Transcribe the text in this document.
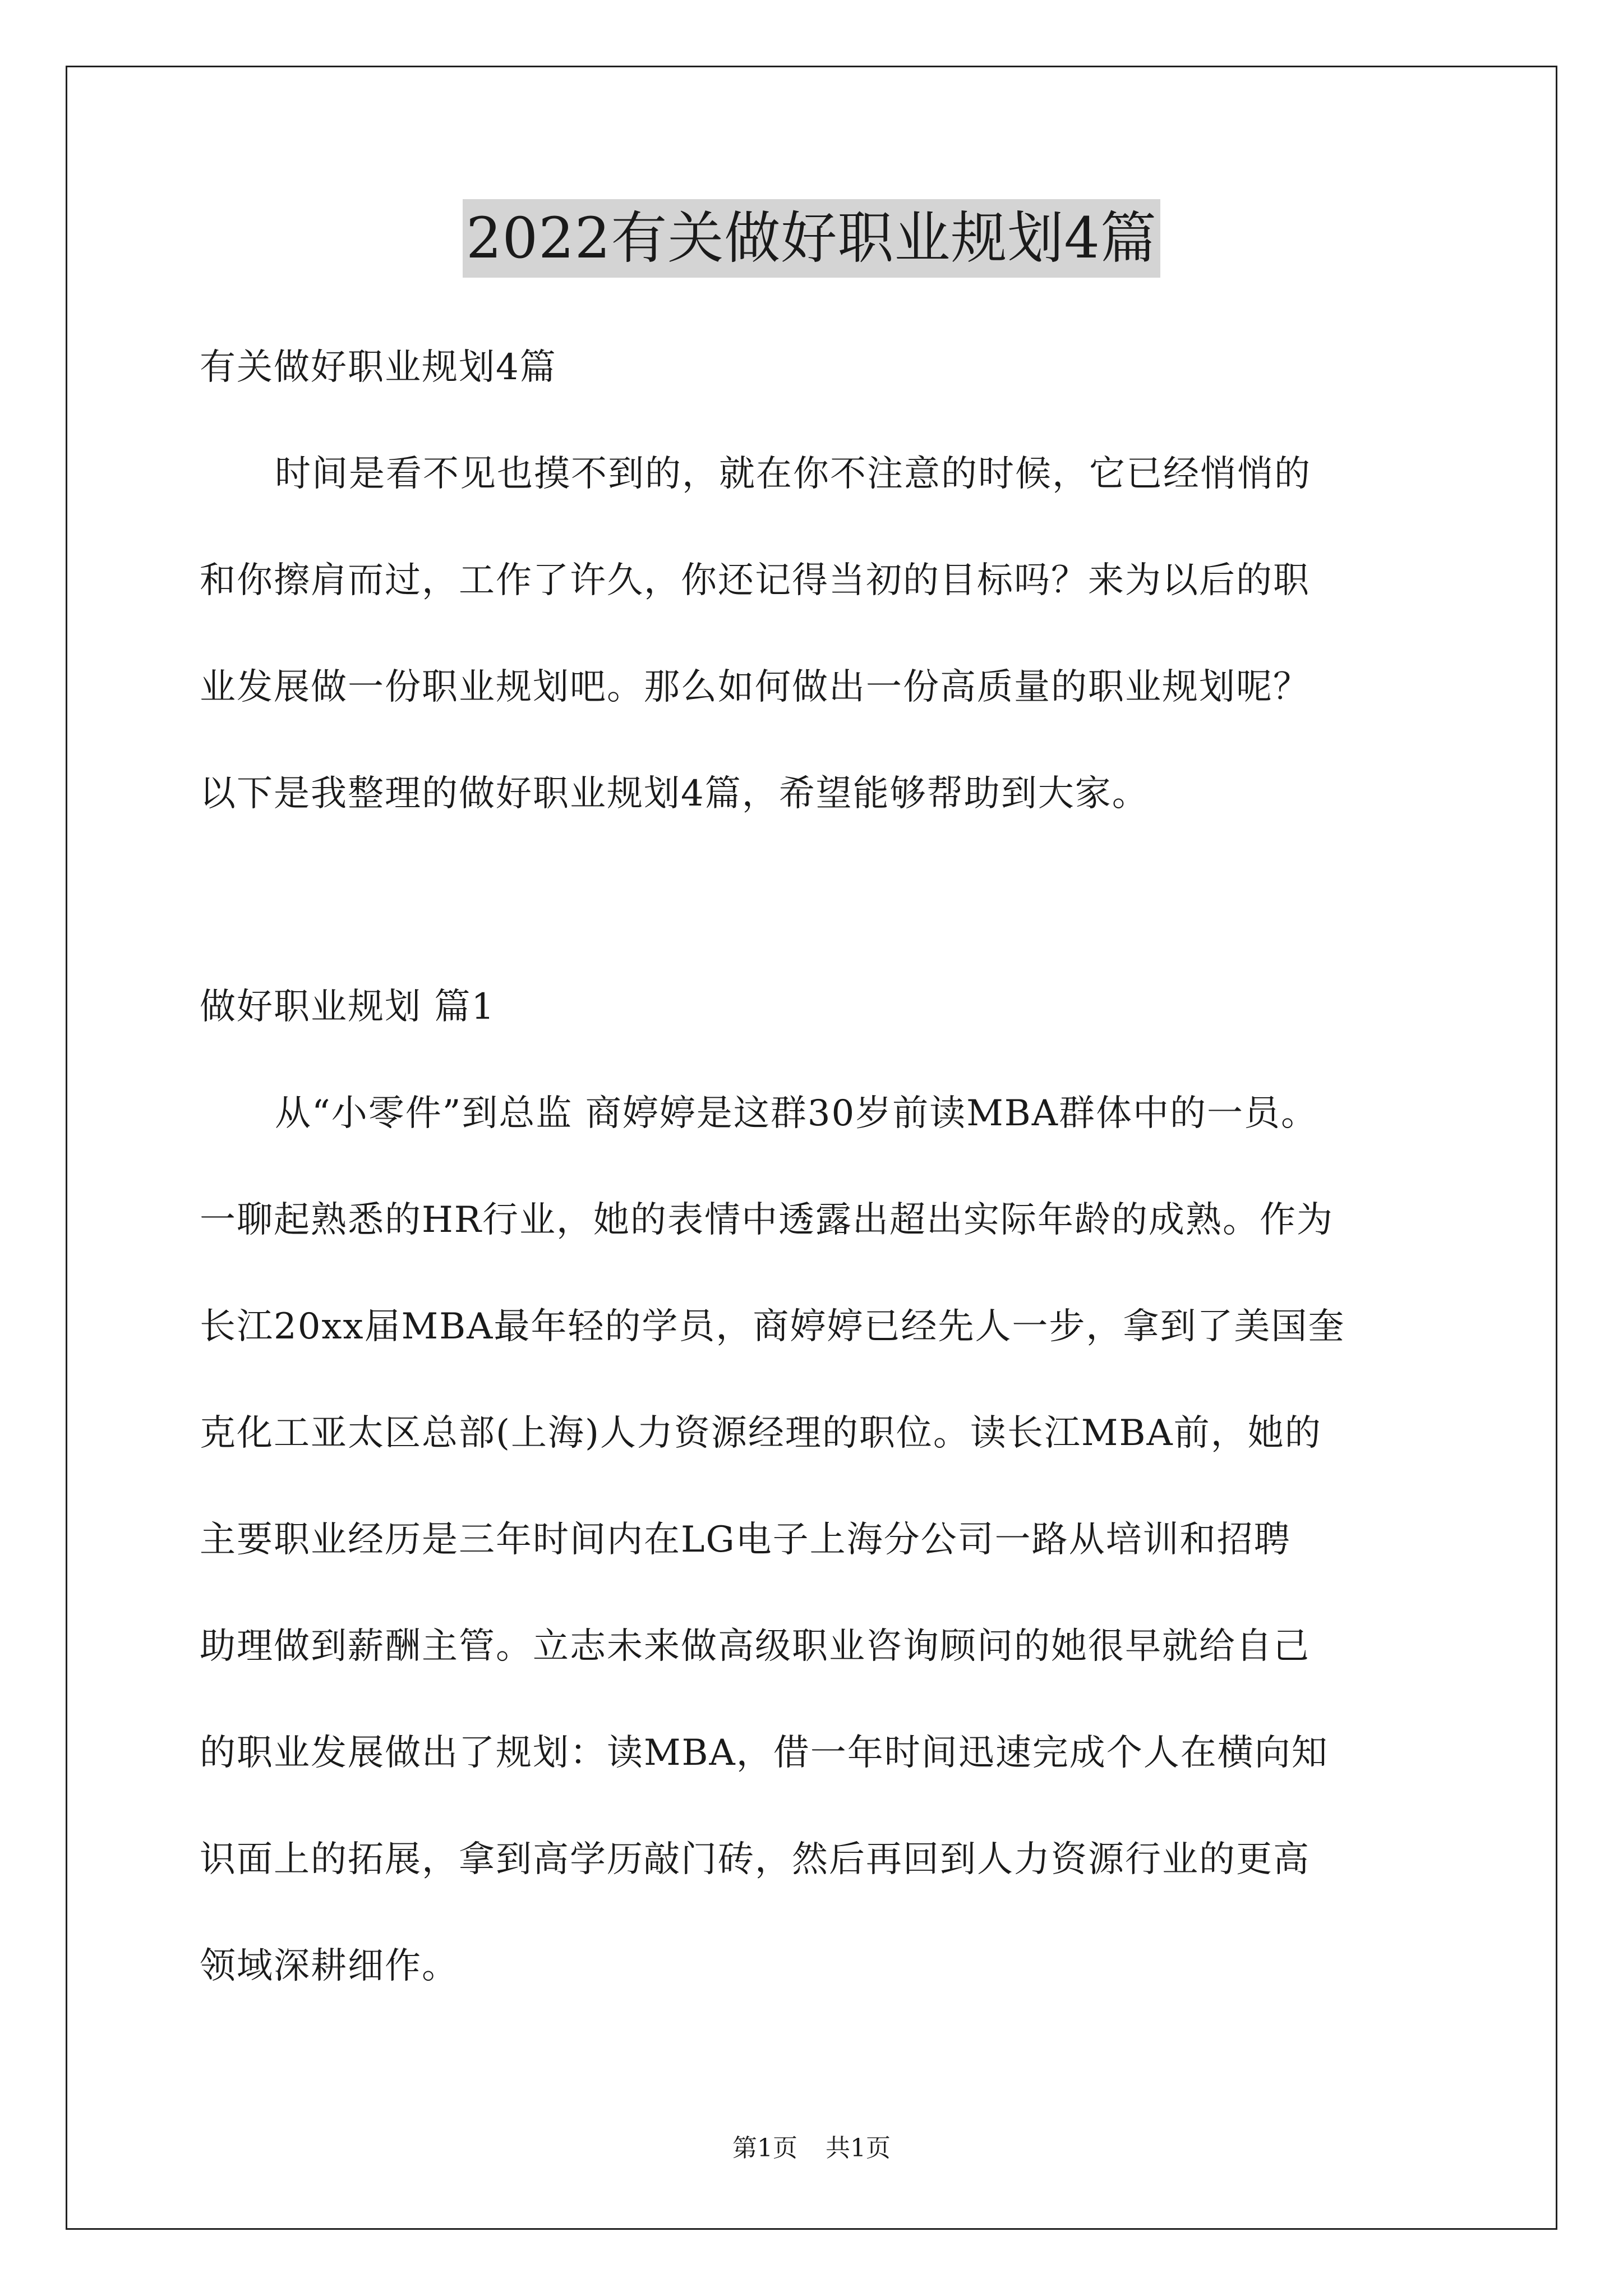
2022有关做好职业规划4篇
有关做好职业规划4篇
时间是看不见也摸不到的，就在你不注意的时候，它已经悄悄的
和你擦肩而过，工作了许久，你还记得当初的目标吗？来为以后的职
业发展做一份职业规划吧。那么如何做出一份高质量的职业规划呢？
以下是我整理的做好职业规划4篇，希望能够帮助到大家。
做好职业规划 篇1
从“小零件”到总监 商婷婷是这群30岁前读MBA群体中的一员。
一聊起熟悉的HR行业，她的表情中透露出超出实际年龄的成熟。作为
长江20xx届MBA最年轻的学员，商婷婷已经先人一步，拿到了美国奎
克化工亚太区总部(上海)人力资源经理的职位。读长江MBA前，她的
主要职业经历是三年时间内在LG电子上海分公司一路从培训和招聘
助理做到薪酬主管。立志未来做高级职业咨询顾问的她很早就给自己
的职业发展做出了规划：读MBA，借一年时间迅速完成个人在横向知
识面上的拓展，拿到高学历敲门砖，然后再回到人力资源行业的更高
领域深耕细作。
第1页 共1页
